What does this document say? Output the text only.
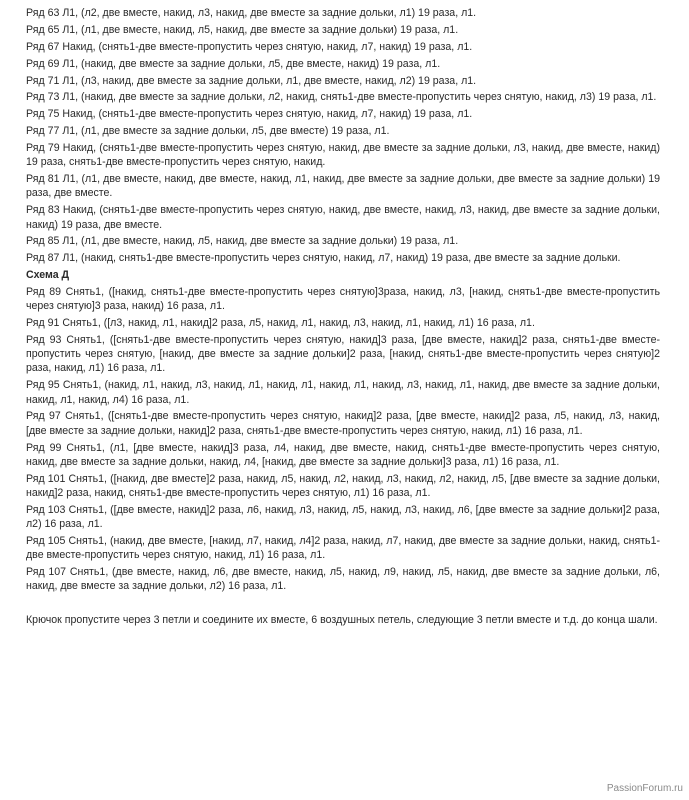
Ряд 63 Л1, (л2, две вместе, накид, л3, накид, две вместе за задние дольки, л1) 19 раза, л1.

Ряд 65 Л1, (л1, две вместе, накид, л5, накид, две вместе за задние дольки) 19 раза, л1.

Ряд 67 Накид, (снять1-две вместе-пропустить через снятую, накид, л7, накид) 19 раза, л1.

Ряд 69 Л1, (накид, две вместе за задние дольки, л5, две вместе, накид) 19 раза, л1.

Ряд 71 Л1, (л3, накид, две вместе за задние дольки, л1, две вместе, накид, л2) 19 раза, л1.

Ряд 73 Л1, (накид, две вместе за задние дольки, л2, накид, снять1-две вместе-пропустить через снятую, накид, л3) 19 раза, л1.

Ряд 75 Накид, (снять1-две вместе-пропустить через снятую, накид, л7, накид) 19 раза, л1.

Ряд 77 Л1, (л1, две вместе за задние дольки, л5, две вместе) 19 раза, л1.

Ряд 79 Накид, (снять1-две вместе-пропустить через снятую, накид, две вместе за задние дольки, л3, накид, две вместе, накид) 19 раза, снять1-две вместе-пропустить через снятую, накид.

Ряд 81 Л1, (л1, две вместе, накид, две вместе, накид, л1, накид, две вместе за задние дольки, две вместе за задние дольки) 19 раза, две вместе.

Ряд 83 Накид, (снять1-две вместе-пропустить через снятую, накид, две вместе, накид, л3, накид, две вместе за задние дольки, накид) 19 раза, две вместе.

Ряд 85 Л1, (л1, две вместе, накид, л5, накид, две вместе за задние дольки) 19 раза, л1.

Ряд 87 Л1, (накид, снять1-две вместе-пропустить через снятую, накид, л7, накид) 19 раза, две вместе за задние дольки.

Схема Д

Ряд 89 Снять1, ([накид, снять1-две вместе-пропустить через снятую]3раза, накид, л3, [накид, снять1-две вместе-пропустить через снятую]3 раза, накид) 16 раза, л1.

Ряд 91 Снять1, ([л3, накид, л1, накид]2 раза, л5, накид, л1, накид, л3, накид, л1, накид, л1) 16 раза, л1.

Ряд 93 Снять1, ([снять1-две вместе-пропустить через снятую, накид]3 раза, [две вместе, накид]2 раза, снять1-две вместе-пропустить через снятую, [накид, две вместе за задние дольки]2 раза, [накид, снять1-две вместе-пропустить через снятую]2 раза, накид, л1) 16 раза, л1.

Ряд 95 Снять1, (накид, л1, накид, л3, накид, л1, накид, л1, накид, л1, накид, л3, накид, л1, накид, две вместе за задние дольки, накид, л1, накид, л4) 16 раза, л1.

Ряд 97 Снять1, ([снять1-две вместе-пропустить через снятую, накид]2 раза, [две вместе, накид]2 раза, л5, накид, л3, накид, [две вместе за задние дольки, накид]2 раза, снять1-две вместе-пропустить через снятую, накид, л1) 16 раза, л1.

Ряд 99 Снять1, (л1, [две вместе, накид]3 раза, л4, накид, две вместе, накид, снять1-две вместе-пропустить через снятую, накид, две вместе за задние дольки, накид, л4, [накид, две вместе за задние дольки]3 раза, л1) 16 раза, л1.

Ряд 101 Снять1, ([накид, две вместе]2 раза, накид, л5, накид, л2, накид, л3, накид, л2, накид, л5, [две вместе за задние дольки, накид]2 раза, накид, снять1-две вместе-пропустить через снятую, л1) 16 раза, л1.

Ряд 103 Снять1, ([две вместе, накид]2 раза, л6, накид, л3, накид, л5, накид, л3, накид, л6, [две вместе за задние дольки]2 раза, л2) 16 раза, л1.

Ряд 105 Снять1, (накид, две вместе, [накид, л7, накид, л4]2 раза, накид, л7, накид, две вместе за задние дольки, накид, снять1-две вместе-пропустить через снятую, накид, л1) 16 раза, л1.

Ряд 107 Снять1, (две вместе, накид, л6, две вместе, накид, л5, накид, л9, накид, л5, накид, две вместе за задние дольки, л6, накид, две вместе за задние дольки, л2) 16 раза, л1.

Крючок пропустите через 3 петли и соедините их вместе, 6 воздушных петель, следующие 3 петли вместе и т.д. до конца шали.

PassionForum.ru
